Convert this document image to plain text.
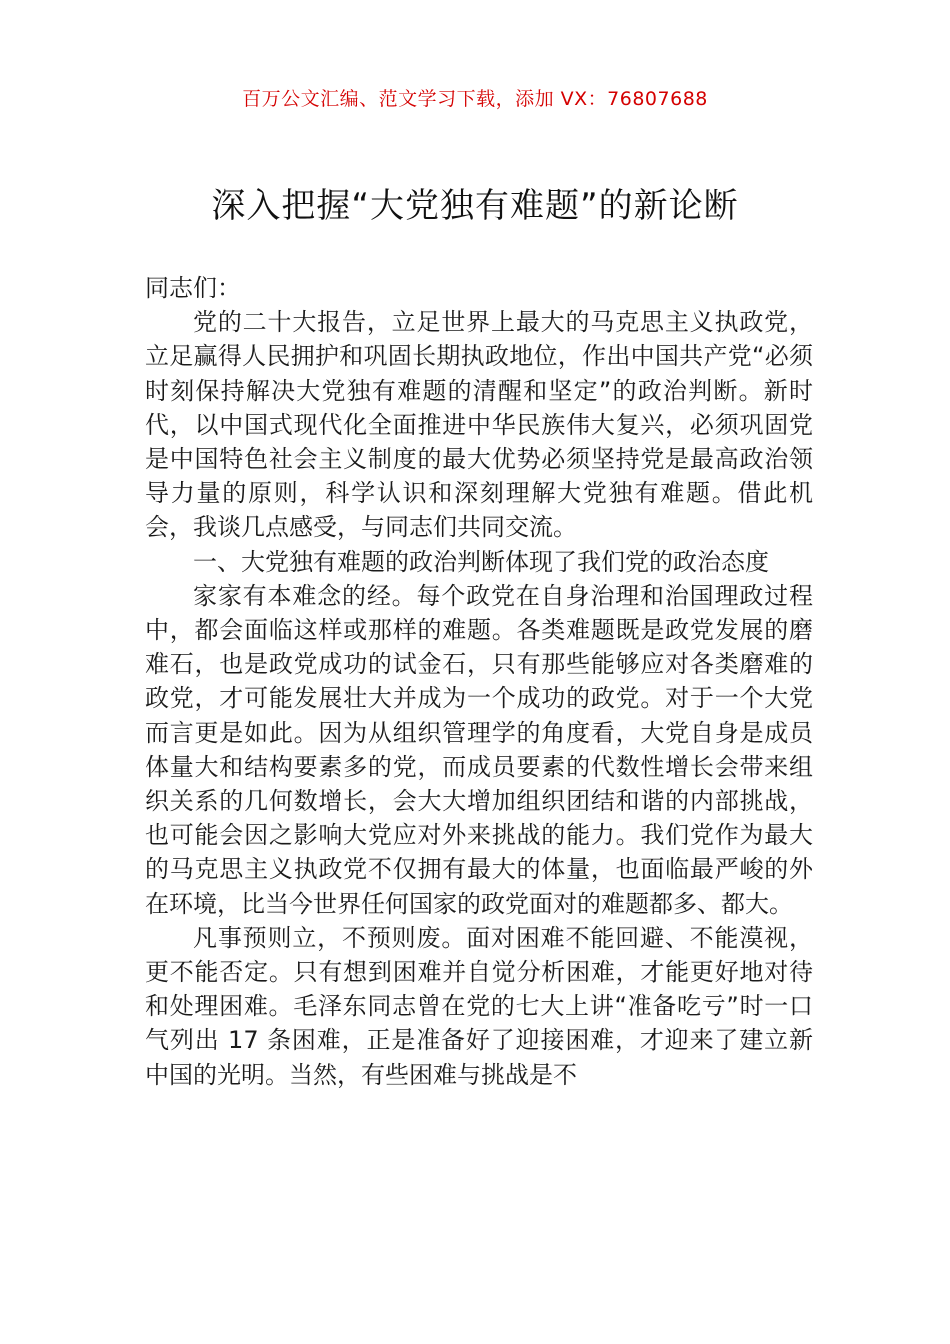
百万公文汇编、范文学习下载，添加 VX：76807688
深入把握“大党独有难题”的新论断

同志们：

党的二十大报告，立足世界上最大的马克思主义执政党，立足赢得人民拥护和巩固长期执政地位，作出中国共产党“必须时刻保持解决大党独有难题的清醒和坚定”的政治判断。新时代，以中国式现代化全面推进中华民族伟大复兴，必须巩固党是中国特色社会主义制度的最大优势必须坚持党是最高政治领导力量的原则，科学认识和深刻理解大党独有难题。借此机会，我谈几点感受，与同志们共同交流。

一、大党独有难题的政治判断体现了我们党的政治态度

家家有本难念的经。每个政党在自身治理和治国理政过程中，都会面临这样或那样的难题。各类难题既是政党发展的磨难石，也是政党成功的试金石，只有那些能够应对各类磨难的政党，才可能发展壮大并成为一个成功的政党。对于一个大党而言更是如此。因为从组织管理学的角度看，大党自身是成员体量大和结构要素多的党，而成员要素的代数性增长会带来组织关系的几何数增长，会大大增加组织团结和谐的内部挑战，也可能会因之影响大党应对外来挑战的能力。我们党作为最大的马克思主义执政党不仅拥有最大的体量，也面临最严峻的外在环境，比当今世界任何国家的政党面对的难题都多、都大。

凡事预则立，不预则废。面对困难不能回避、不能漠视，更不能否定。只有想到困难并自觉分析困难，才能更好地对待和处理困难。毛泽东同志曾在党的七大上讲“准备吃亏”时一口气列出 17 条困难，正是准备好了迎接困难，才迎来了建立新中国的光明。当然，有些困难与挑战是不
